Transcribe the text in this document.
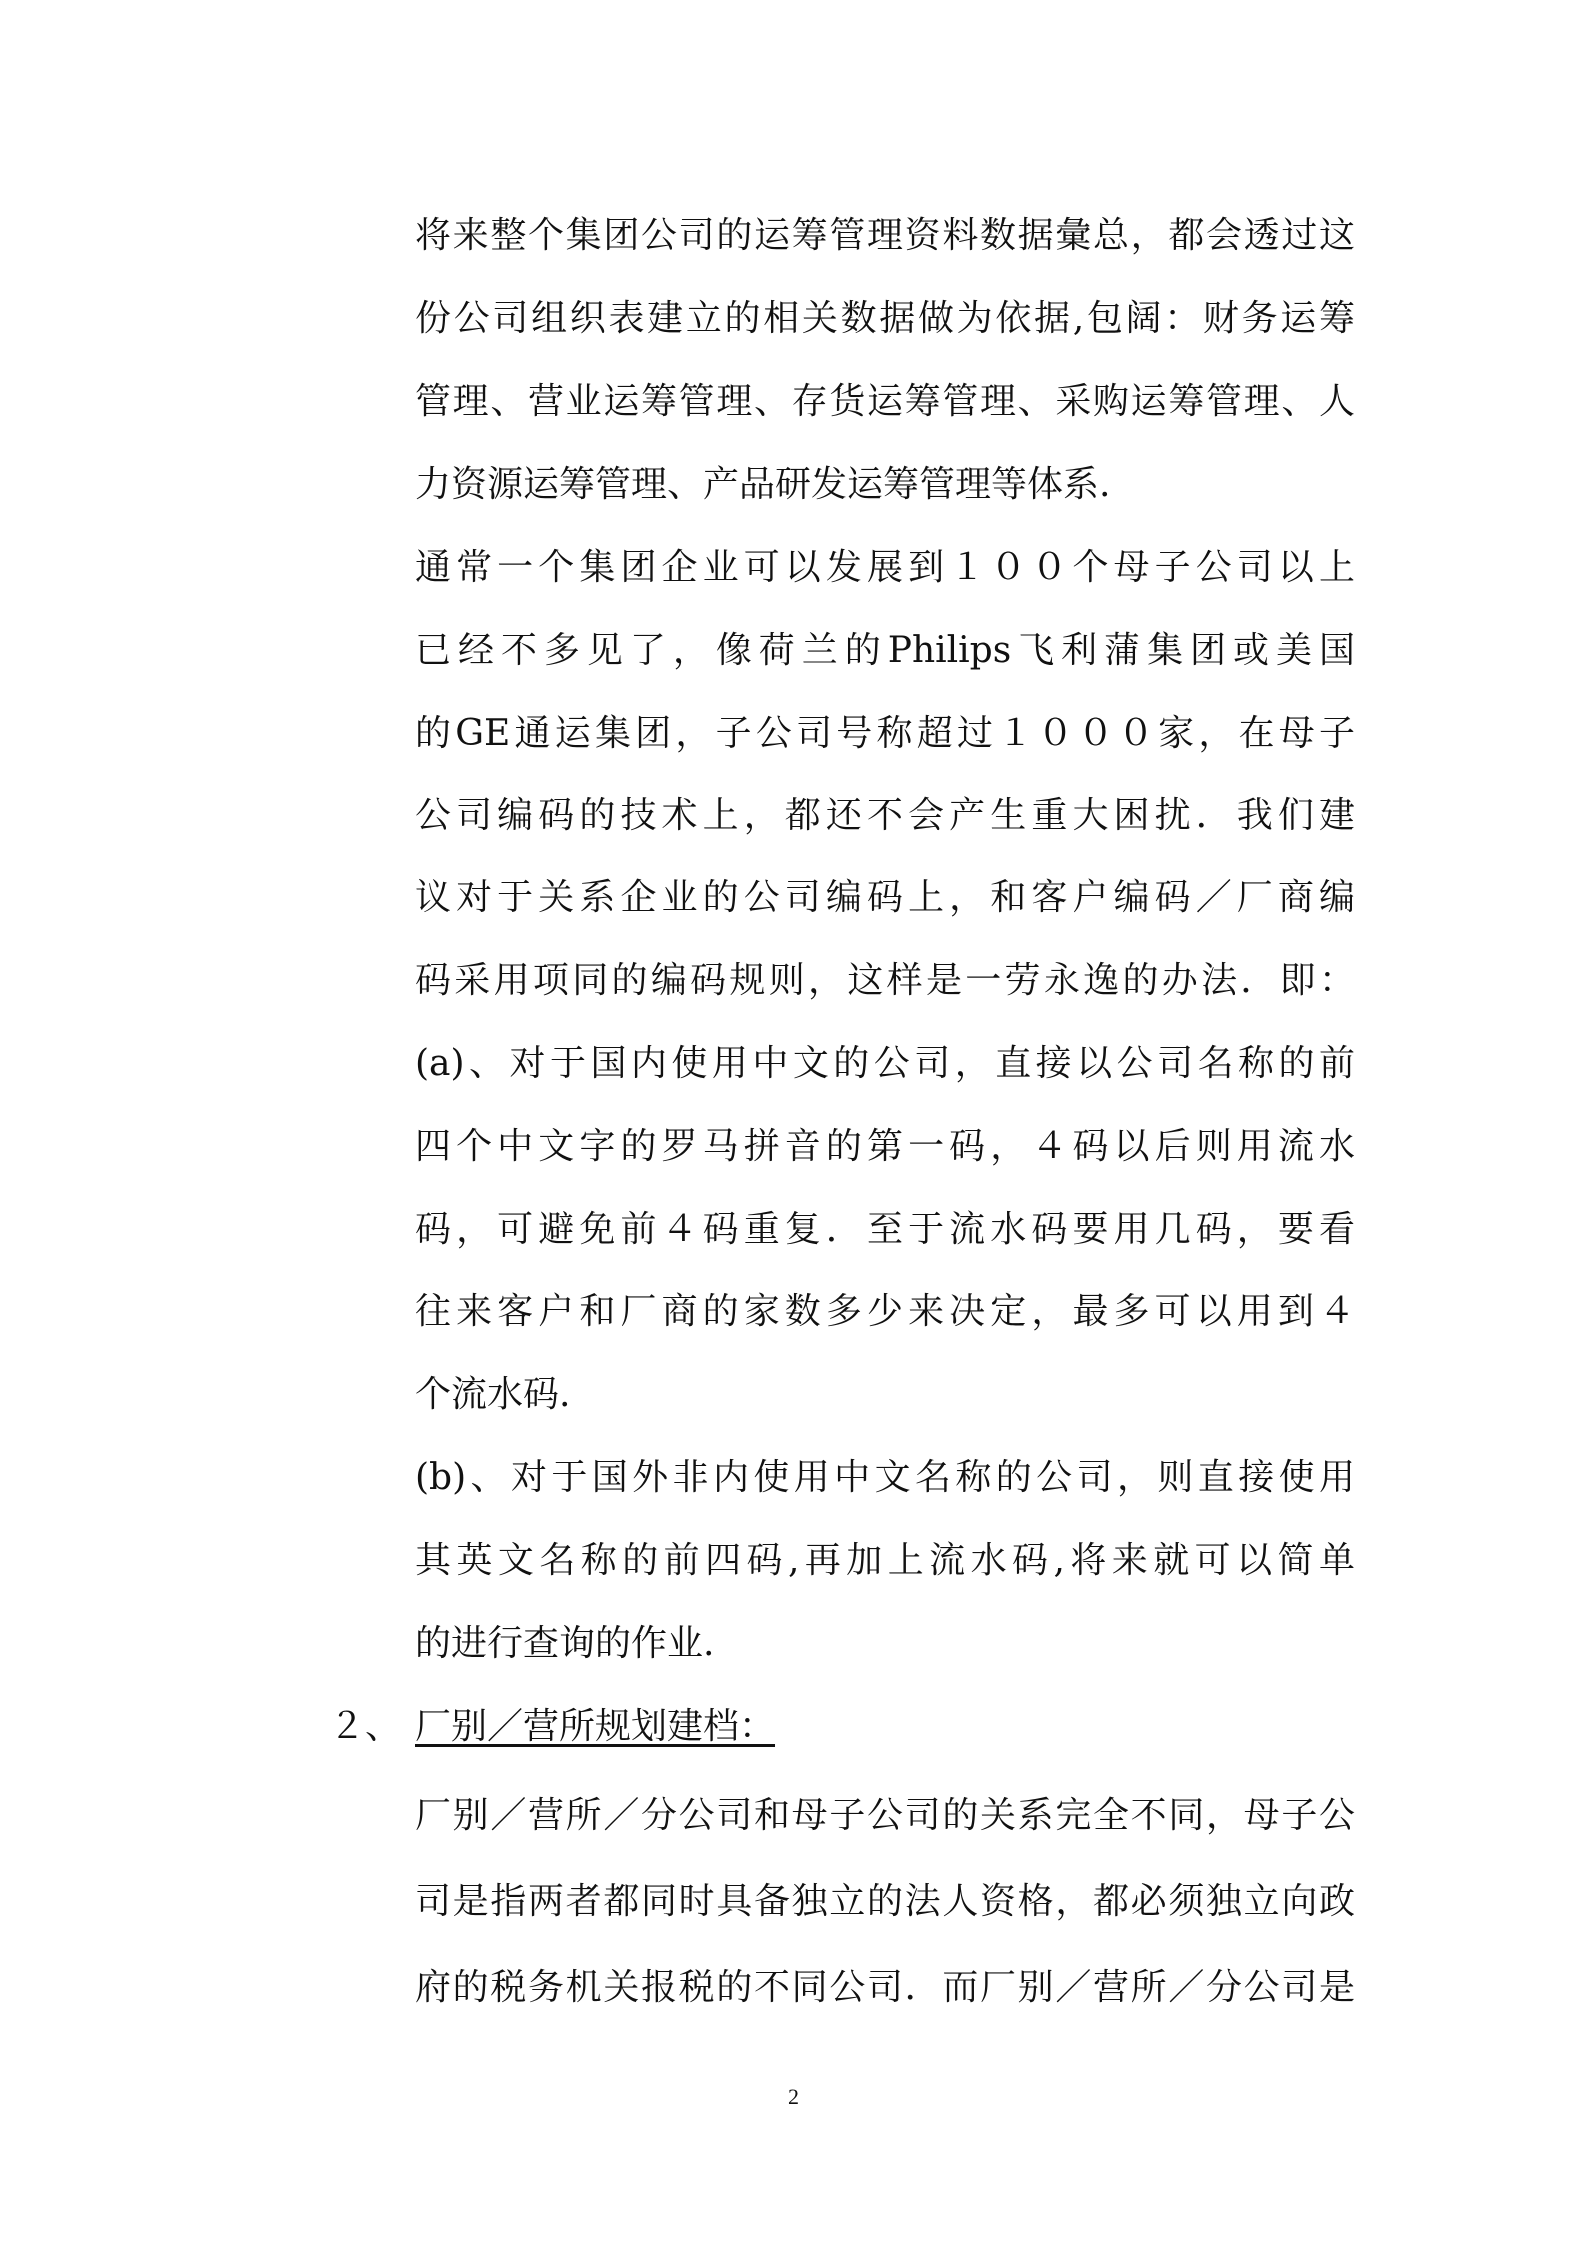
将来整个集团公司的运筹管理资料数据彙总，都会透过这
份公司组织表建立的相关数据做为依据,包阔：财务运筹
管理、营业运筹管理、存货运筹管理、采购运筹管理、人
力资源运筹管理、产品研发运筹管理等体系.
通常一个集团企业可以发展到１００个母子公司以上
已经不多见了，像荷兰的Philips飞利蒲集团或美国
的GE通运集团，子公司号称超过１０００家，在母子
公司编码的技术上，都还不会产生重大困扰．我们建
议对于关系企业的公司编码上，和客户编码／厂商编
码采用项同的编码规则，这样是一劳永逸的办法．即：
(a)、对于国内使用中文的公司，直接以公司名称的前
四个中文字的罗马拼音的第一码，４码以后则用流水
码，可避免前４码重复．至于流水码要用几码，要看
往来客户和厂商的家数多少来决定，最多可以用到４
个流水码.
(b)、对于国外非内使用中文名称的公司，则直接使用
其英文名称的前四码,再加上流水码,将来就可以简单
的进行查询的作业.
２、 厂别／营所规划建档：
厂别／营所／分公司和母子公司的关系完全不同，母子公
司是指两者都同时具备独立的法人资格，都必须独立向政
府的税务机关报税的不同公司．而厂别／营所／分公司是
2
